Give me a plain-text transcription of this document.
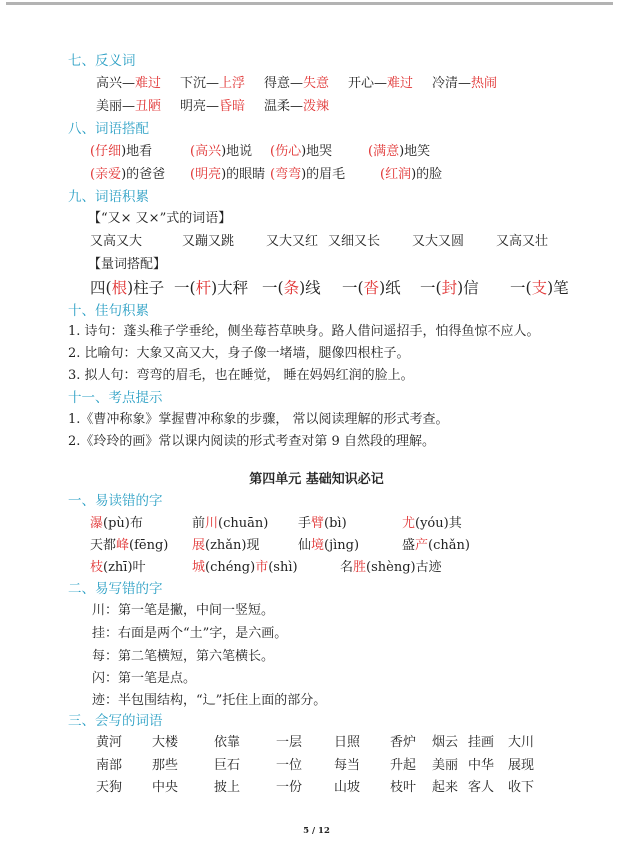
七、反义词
高兴—难过 下沉—上浮 得意—失意 开心—难过 冷清—热闹
美丽—丑陋 明亮—昏暗 温柔—泼辣
八、词语搭配
(仔细)地看	(高兴)地说 (伤心)地哭	(满意)地笑
(亲爱)的爸爸 (明亮)的眼睛 (弯弯)的眉毛	(红润)的脸
九、词语积累
【“又× 又×”式的词语】
又高又大	又蹦又跳 又大又红 又细又长 又大又圆 又高又壮
【量词搭配】
四(根)柱子 一(杆)大秤 一(条)线 一(沓)纸 一(封)信 一(支)笔
十、佳句积累
1. 诗句：蓬头稚子学垂纶，侧坐莓苔草映身。路人借问遥招手，怕得鱼惊不应人。
2. 比喻句：大象又高又大，身子像一堵墙，腿像四根柱子。
3. 拟人句：弯弯的眉毛，也在睡觉， 睡在妈妈红润的脸上。
十一、考点提示
1.《曹冲称象》掌握曹冲称象的步骤， 常以阅读理解的形式考查。
2.《玲玲的画》常以课内阅读的形式考查对第 9 自然段的理解。
第四单元 基础知识必记
一、易读错的字
瀑(pù)布	前川(chuān) 手臂(bì)	尤(yóu)其
天都峰(fēng) 展(zhǎn)现	仙境(jìng)	盛产(chǎn)
枝(zhī)叶	城(chéng)市(shì)	名胜(shèng)古迹
二、易写错的字
川：第一笔是撇，中间一竖短。
挂：右面是两个“土”字，是六画。
每：第二笔横短，第六笔横长。
闪：第一笔是点。
迹：半包围结构，“辶”托住上面的部分。
三、会写的词语
黄河 大楼	依靠	一层 日照 香炉 烟云 挂画 大川
南部 那些	巨石	一位 每当 升起 美丽 中华 展现
天狗 中央	披上	一份 山坡 枝叶 起来 客人 收下
5 / 12
